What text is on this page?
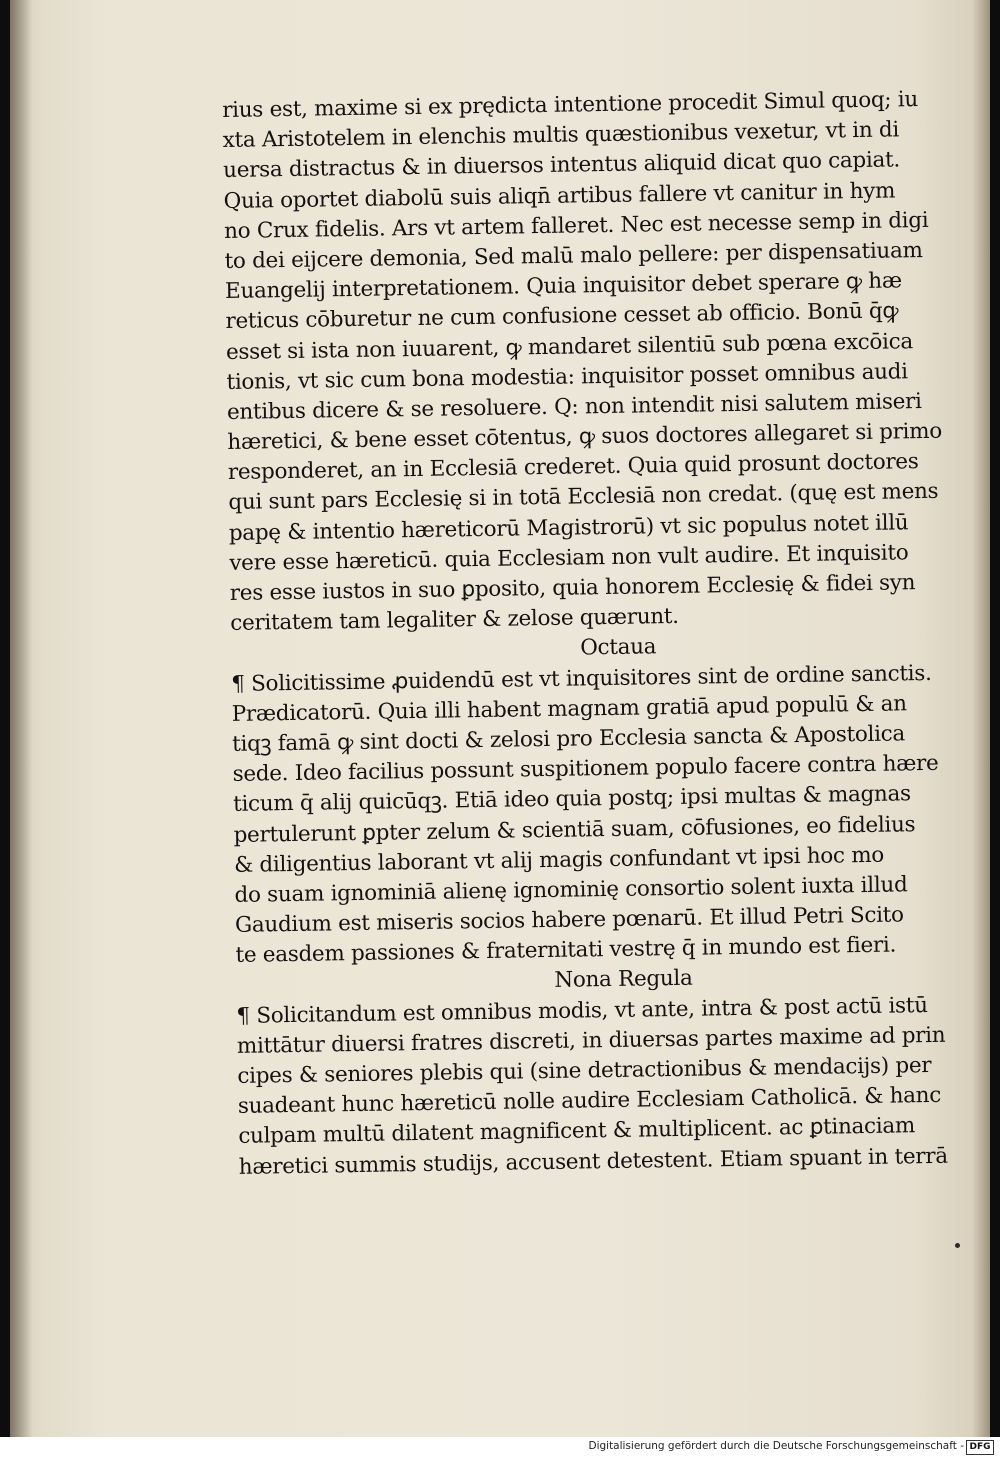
rius est, maxime si ex prędicta intentione procedit Simul quoq; iu
xta Aristotelem in elenchis multis quæstionibus vexetur, vt in di
uersa distractus & in diuersos intentus aliquid dicat quo capiat.
Quia oportet diabolū suis aliqn̄ artibus fallere vt canitur in hym
no Crux fidelis. Ars vt artem falleret. Nec est necesse semp in digi
to dei eijcere demonia, Sed malū malo pellere: per dispensatiuam
Euangelij interpretationem. Quia inquisitor debet sperare ꝙ hæ
reticus cōburetur ne cum confusione cesset ab officio. Bonū q̄ꝙ
esset si ista non iuuarent, ꝙ mandaret silentiū sub pœna excōica
tionis, vt sic cum bona modestia: inquisitor posset omnibus audi
entibus dicere & se resoluere. Q: non intendit nisi salutem miseri
hæretici, & bene esset cōtentus, ꝙ suos doctores allegaret si primo
responderet, an in Ecclesiā crederet. Quia quid prosunt doctores
qui sunt pars Ecclesię si in totā Ecclesiā non credat. (quę est mens
papę & intentio hæreticorū Magistrorū) vt sic populus notet illū
vere esse hæreticū. quia Ecclesiam non vult audire. Et inquisito
res esse iustos in suo ꝑposito, quia honorem Ecclesię & fidei syn
ceritatem tam legaliter & zelose quærunt.
Octaua
¶ Solicitissime ꝓuidendū est vt inquisitores sint de ordine sanctis.
Prædicatorū. Quia illi habent magnam gratiā apud populū & an
tiqꝫ famā ꝙ sint docti & zelosi pro Ecclesia sancta & Apostolica
sede. Ideo facilius possunt suspitionem populo facere contra hære
ticum q̄ alij quicūqꝫ. Etiā ideo quia postq; ipsi multas & magnas
pertulerunt ꝑpter zelum & scientiā suam, cōfusiones, eo fidelius
& diligentius laborant vt alij magis confundant vt ipsi hoc mo
do suam ignominiā alienę ignominię consortio solent iuxta illud
Gaudium est miseris socios habere pœnarū. Et illud Petri Scito
te easdem passiones & fraternitati vestrę q̄ in mundo est fieri.
Nona Regula
¶ Solicitandum est omnibus modis, vt ante, intra & post actū istū
mittātur diuersi fratres discreti, in diuersas partes maxime ad prin
cipes & seniores plebis qui (sine detractionibus & mendacijs) per
suadeant hunc hæreticū nolle audire Ecclesiam Catholicā. & hanc
culpam multū dilatent magnificent & multiplicent. ac ꝑtinaciam
hæretici summis studijs, accusent detestent. Etiam spuant in terrā
Digitalisierung gefördert durch die Deutsche Forschungsgemeinschaft - DFG
